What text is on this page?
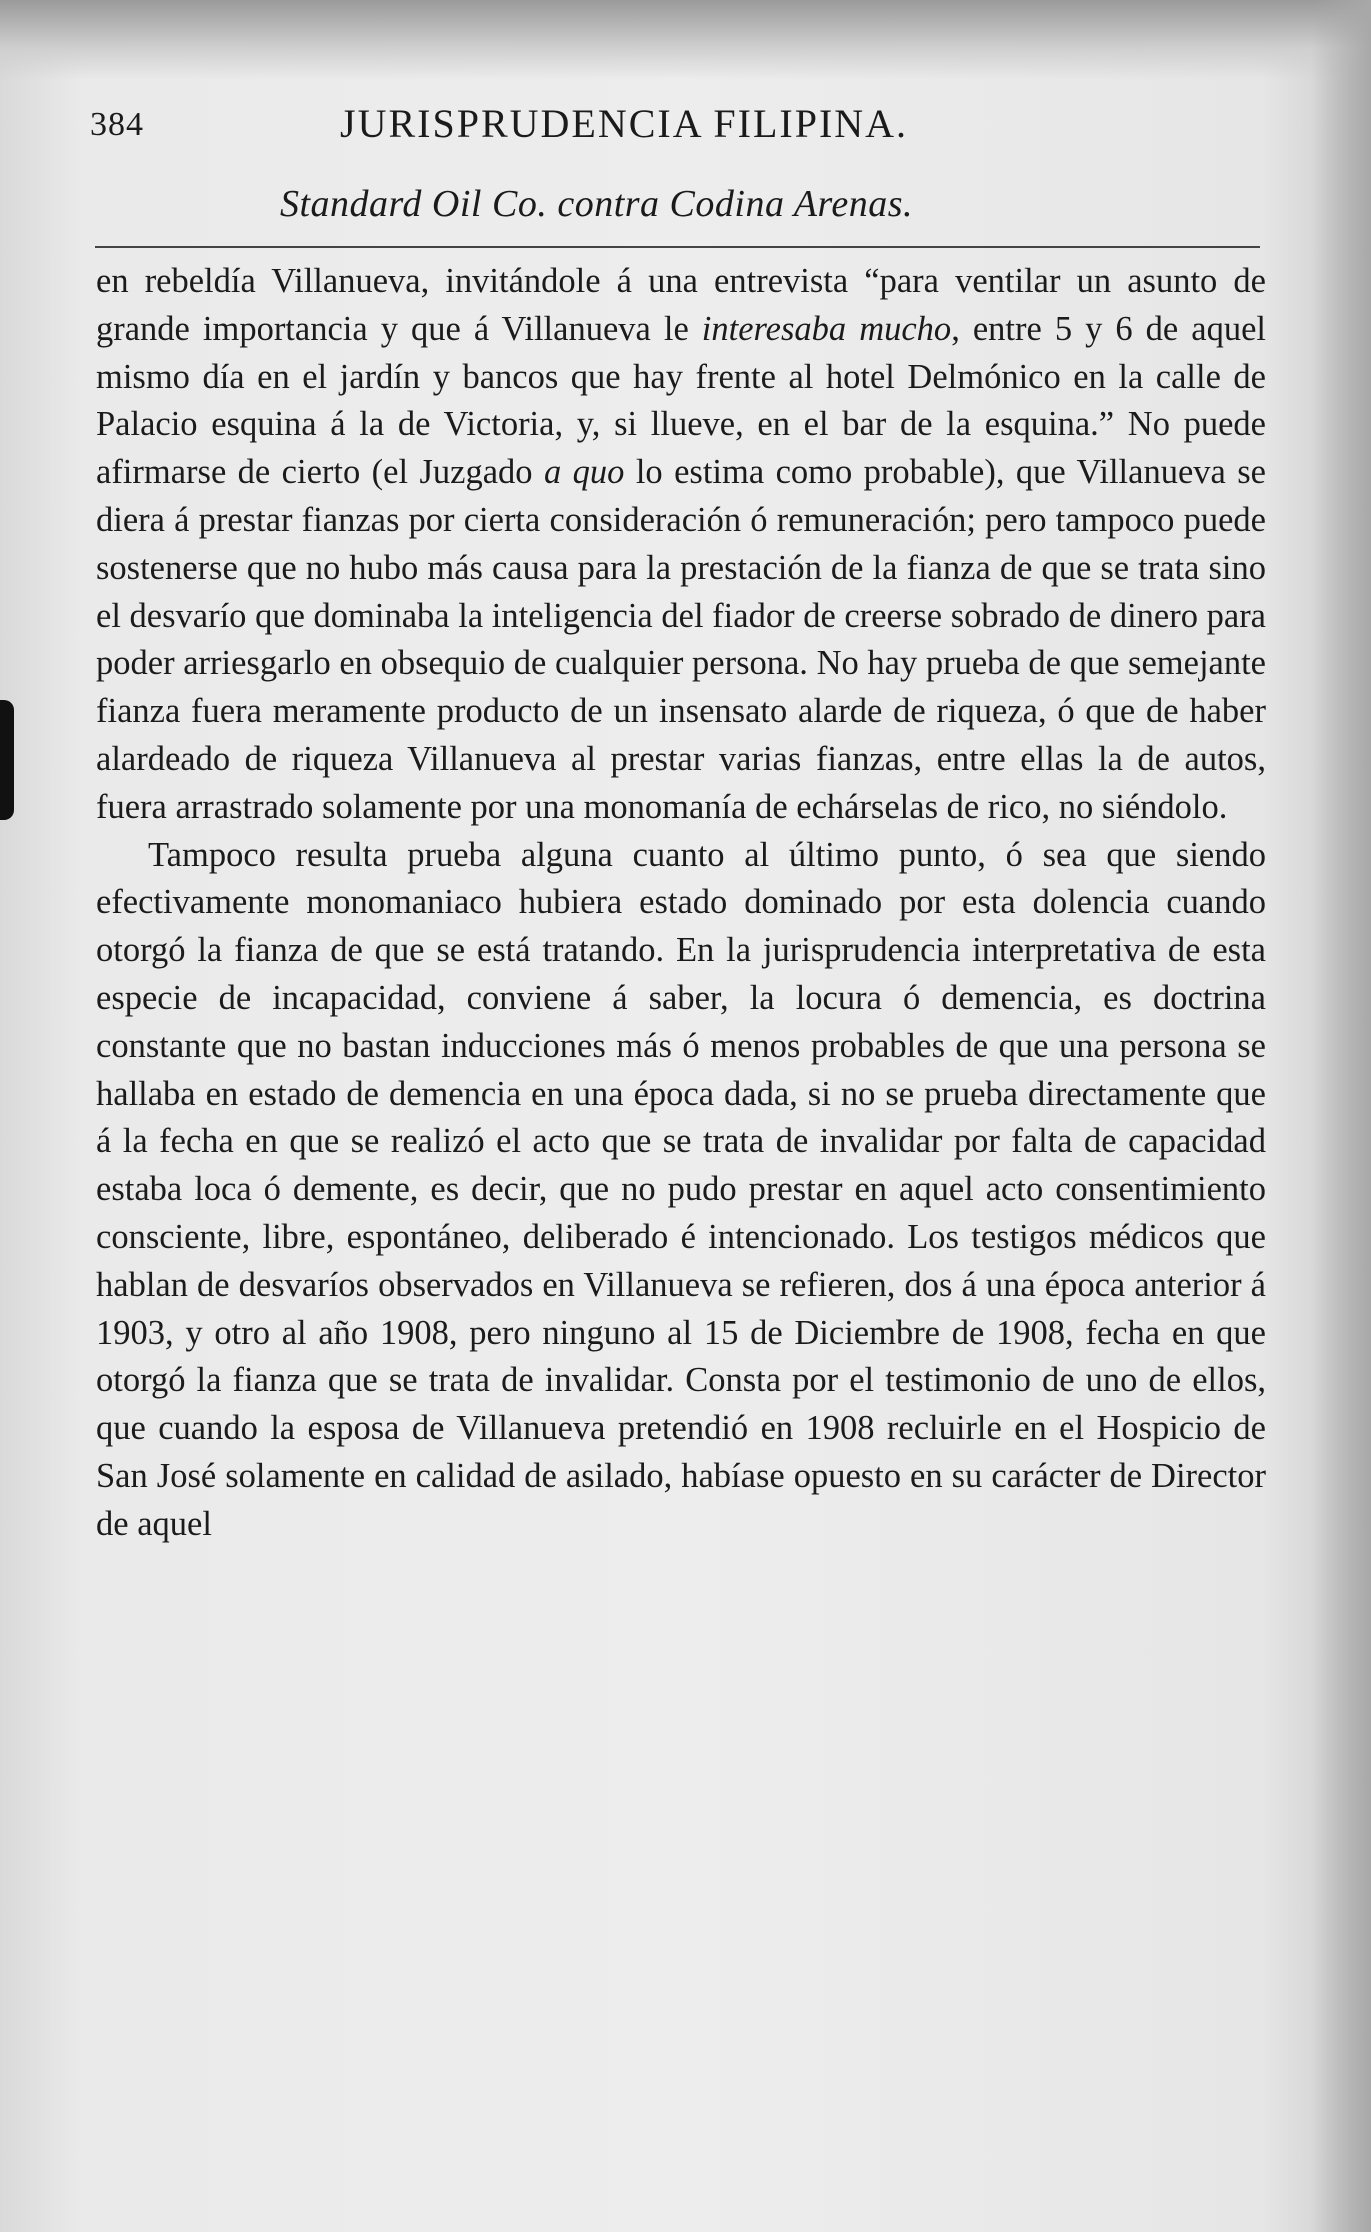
384	JURISPRUDENCIA FILIPINA.
Standard Oil Co. contra Codina Arenas.

en rebeldía Villanueva, invitándole á una entrevista “para ventilar un asunto de grande importancia y que á Villanueva le interesaba mucho, entre 5 y 6 de aquel mismo día en el jardín y bancos que hay frente al hotel Delmónico en la calle de Palacio esquina á la de Victoria, y, si llueve, en el bar de la esquina.” No puede afirmarse de cierto (el Juzgado a quo lo estima como probable), que Villanueva se diera á prestar fianzas por cierta consideración ó remuneración; pero tampoco puede sostenerse que no hubo más causa para la prestación de la fianza de que se trata sino el desvarío que dominaba la inteligencia del fiador de creerse sobrado de dinero para poder arriesgarlo en obsequio de cualquier persona. No hay prueba de que semejante fianza fuera meramente producto de un insensato alarde de riqueza, ó que de haber alardeado de riqueza Villanueva al prestar varias fianzas, entre ellas la de autos, fuera arrastrado solamente por una monomanía de echárselas de rico, no siéndolo.

Tampoco resulta prueba alguna cuanto al último punto, ó sea que siendo efectivamente monomaniaco hubiera estado dominado por esta dolencia cuando otorgó la fianza de que se está tratando. En la jurisprudencia interpretativa de esta especie de incapacidad, conviene á saber, la locura ó demencia, es doctrina constante que no bastan inducciones más ó menos probables de que una persona se hallaba en estado de demencia en una época dada, si no se prueba directamente que á la fecha en que se realizó el acto que se trata de invalidar por falta de capacidad estaba loca ó demente, es decir, que no pudo prestar en aquel acto consentimiento consciente, libre, espontáneo, deliberado é intencionado. Los testigos médicos que hablan de desvaríos observados en Villanueva se refieren, dos á una época anterior á 1903, y otro al año 1908, pero ninguno al 15 de Diciembre de 1908, fecha en que otorgó la fianza que se trata de invalidar. Consta por el testimonio de uno de ellos, que cuando la esposa de Villanueva pretendió en 1908 recluirle en el Hospicio de San José solamente en calidad de asilado, habíase opuesto en su carácter de Director de aquel
